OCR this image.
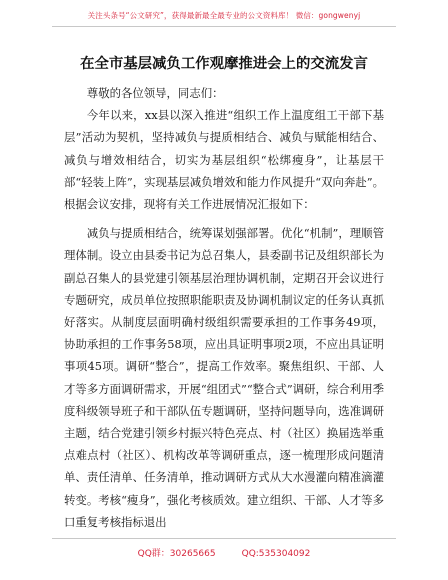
关注头条号“公文研究”，获得最新最全最专业的公文资料库！ 微信：gongwenyj
在全市基层减负工作观摩推进会上的交流发言

尊敬的各位领导，同志们：

今年以来，xx县以深入推进“组织工作上温度组工干部下基层”活动为契机，坚持减负与提质相结合、减负与赋能相结合、减负与增效相结合，切实为基层组织“松绑瘦身”，让基层干部“轻装上阵”，实现基层减负增效和能力作风提升“双向奔赴”。根据会议安排，现将有关工作进展情况汇报如下：

减负与提质相结合，统筹谋划强部署。优化“机制”，理顺管理体制。设立由县委书记为总召集人，县委副书记及组织部长为副总召集人的县党建引领基层治理协调机制，定期召开会议进行专题研究，成员单位按照职能职责及协调机制议定的任务认真抓好落实。从制度层面明确村级组织需要承担的工作事务49项，协助承担的工作事务58项，应出具证明事项2项，不应出具证明事项45项。调研“整合”，提高工作效率。聚焦组织、干部、人才等多方面调研需求，开展“组团式”“整合式”调研，综合利用季度科级领导班子和干部队伍专题调研，坚持问题导向，选准调研主题，结合党建引领乡村振兴特色亮点、村（社区）换届选举重点难点村（社区）、机构改革等调研重点，逐一梳理形成问题清单、责任清单、任务清单，推动调研方式从大水漫灌向精准滴灌转变。考核“瘦身”，强化考核质效。建立组织、干部、人才等多口重复考核指标退出

QQ群：30265665	QQ:535304092
